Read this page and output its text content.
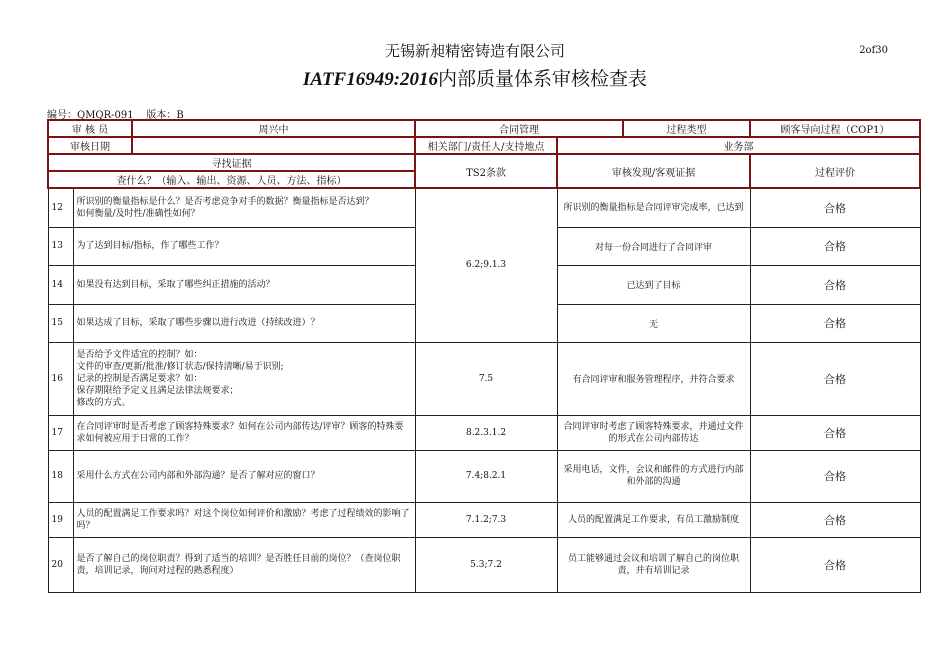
无锡新昶精密铸造有限公司	2of30
IATF16949:2016内部质量体系审核检查表
编号：QMQR-091 版本：B
审 核 员		周兴中	合同管理		过程类型	顾客导向过程（COP1）
审核日期			相关部门/责任人/支持地点	业务部		
寻找证据			TS2条款	审核发现/客观证据		过程评价
查什么？（输入、输出、资源、人员、方法、指标）						
12	所识别的衡量指标是什么？是否考虑竞争对手的数据？衡量指标是否达到？
如何衡量/及时性/准确性如何？		6.2;9.1.3	所识别的衡量指标是合同评审完成率，已达到		合格
13	为了达到目标/指标，作了哪些工作？			对每一份合同进行了合同评审		合格
14	如果没有达到目标，采取了哪些纠正措施的活动？			已达到了目标		合格
15	如果达成了目标，采取了哪些步骤以进行改进（持续改进）？			无		合格
16	是否给予文件适宜的控制？如：
文件的审查/更新/批准/修订状态/保持清晰/易于识别;
记录的控制是否满足要求？如：
保存期限给予定义且满足法律法规要求；
修改的方式。		7.5	有合同评审和服务管理程序，并符合要求		合格
17	在合同评审时是否考虑了顾客特殊要求？如何在公司内部传达/评审？顾客的特殊要求如何被应用于日常的工作？		8.2.3.1.2	合同评审时考虑了顾客特殊要求，并通过文件的形式在公司内部传达		合格
18	采用什么方式在公司内部和外部沟通？是否了解对应的窗口？		7.4;8.2.1	采用电话，文件，会议和邮件的方式进行内部和外部的沟通		合格
19	人员的配置满足工作要求吗？对这个岗位如何评价和激励？考虑了过程绩效的影响了吗？		7.1.2;7.3	人员的配置满足工作要求，有员工激励制度		合格
20	是否了解自己的岗位职责？得到了适当的培训？是否胜任目前的岗位？（查岗位职责，培训记录，询问对过程的熟悉程度）		5.3;7.2	员工能够通过会议和培训了解自己的岗位职责，并有培训记录		合格
